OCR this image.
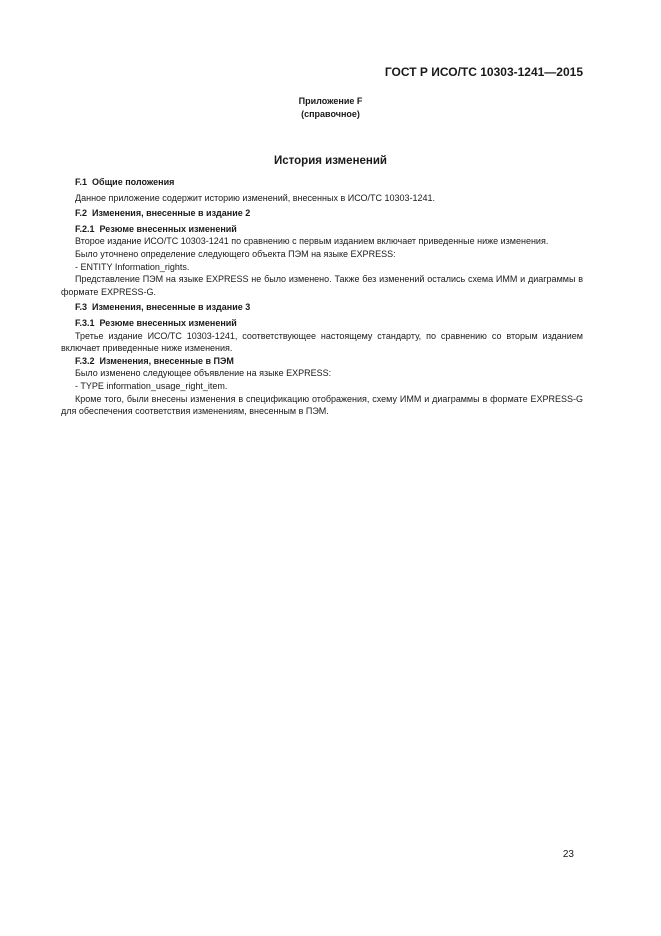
ГОСТ Р ИСО/ТС 10303-1241—2015
Приложение F
(справочное)
История изменений
F.1 Общие положения
Данное приложение содержит историю изменений, внесенных в ИСО/ТС 10303-1241.
F.2 Изменения, внесенные в издание 2
F.2.1 Резюме внесенных изменений
Второе издание ИСО/ТС 10303-1241 по сравнению с первым изданием включает приведенные ниже изменения.
Было уточнено определение следующего объекта ПЭМ на языке EXPRESS:
- ENTITY Information_rights.
Представление ПЭМ на языке EXPRESS не было изменено. Также без изменений остались схема ИММ и диаграммы в формате EXPRESS-G.
F.3 Изменения, внесенные в издание 3
F.3.1 Резюме внесенных изменений
Третье издание ИСО/ТС 10303-1241, соответствующее настоящему стандарту, по сравнению со вторым изданием включает приведенные ниже изменения.
F.3.2 Изменения, внесенные в ПЭМ
Было изменено следующее объявление на языке EXPRESS:
- TYPE information_usage_right_item.
Кроме того, были внесены изменения в спецификацию отображения, схему ИММ и диаграммы в формате EXPRESS-G для обеспечения соответствия изменениям, внесенным в ПЭМ.
23
